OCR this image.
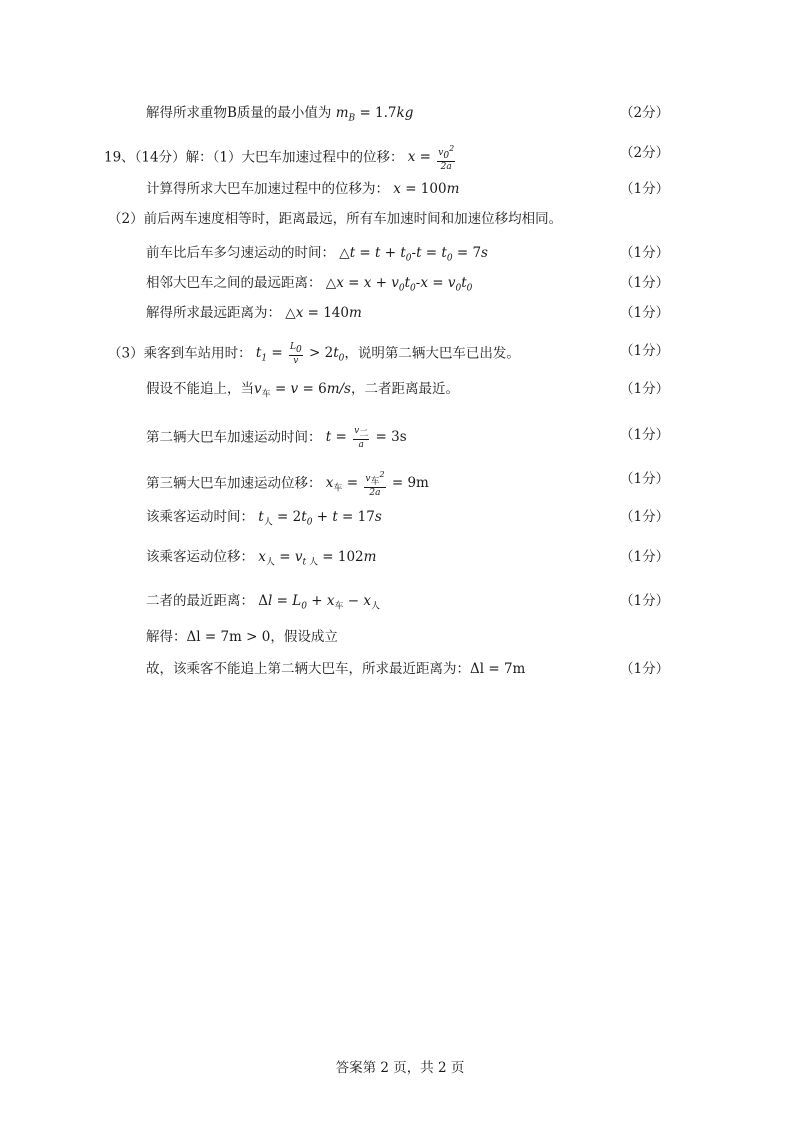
解得所求重物B质量的最小值为 $m_B = 1.7kg$	（2分）
19、（14分）解：（1）大巴车加速过程中的位移： $x = \frac{v_0^2}{2a}$	（2分）
计算得所求大巴车加速过程中的位移为： x = 100m	（1分）
（2）前后两车速度相等时，距离最远，所有车加速时间和加速位移均相同。
前车比后车多匀速运动的时间： △t = $t + t_0-t = t_0 = 7s$	（1分）
相邻大巴车之间的最远距离： △x = $x + v_0t_0-x = v_0t_0$	（1分）
解得所求最远距离为： △x = 140m	（1分）
（3）乘客到车站用时： $t_1 = \frac{L_0}{v} > 2t_0$，说明第二辆大巴车已出发。	（1分）
假设不能追上，当$v_车 = v = 6m/s$，二者距离最近。	（1分）
第二辆大巴车加速运动时间： $t = \frac{v_二}{a} = 3s$	（1分）
第三辆大巴车加速运动位移： $x_车 = \frac{v_车^2}{2a} = 9m$	（1分）
该乘客运动时间： $t_人 = 2t_0 + t = 17s$	（1分）
该乘客运动位移： $x_人 = v_{t 人} = 102m$	（1分）
二者的最近距离： $\Delta l = L_0 + x_车 - x_人$	（1分）
解得：Δl = 7m > 0，假设成立
故，该乘客不能追上第二辆大巴车，所求最近距离为：Δl = 7m	（1分）
答案第 2 页，共 2 页
